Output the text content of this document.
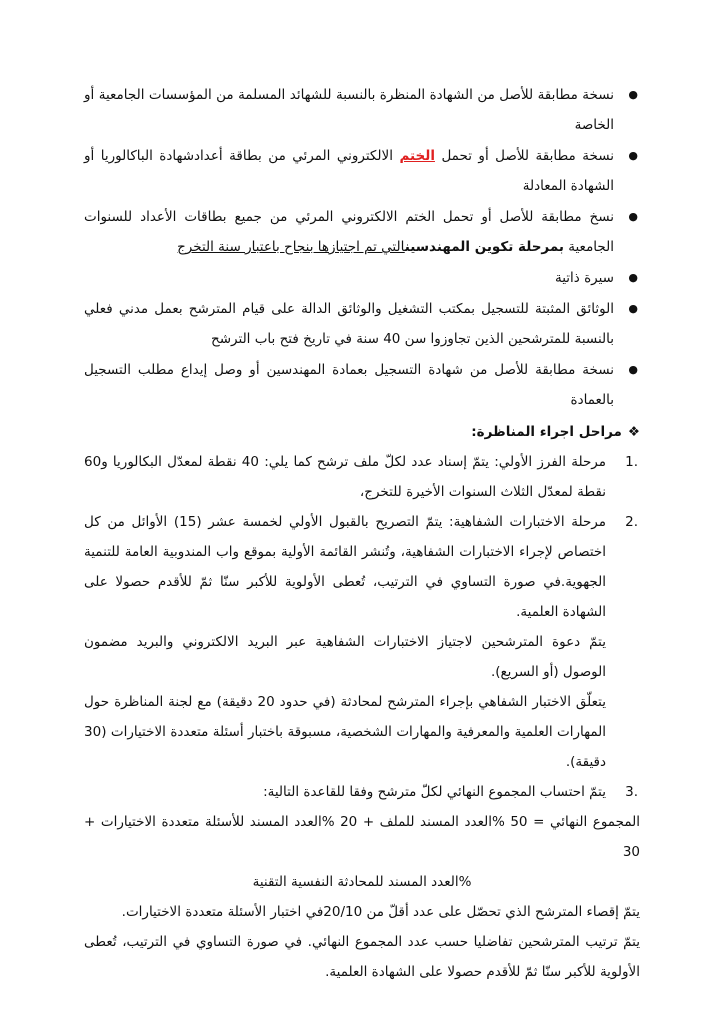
●
نسخة مطابقة للأصل من الشهادة المنظرة بالنسبة للشهائد المسلمة من المؤسسات الجامعية أو الخاصة
●
نسخة مطابقة للأصل أو تحمل الختم الالكتروني المرئي من بطاقة أعدادشهادة الباكالوريا أو الشهادة المعادلة
●
نسخ مطابقة للأصل أو تحمل الختم الالكتروني المرئي من جميع بطاقات الأعداد للسنوات الجامعية بمرحلة تكوين المهندسينالتي تم اجتيازها بنجاح باعتبار سنة التخرج
●
سيرة ذاتية
●
الوثائق المثبتة للتسجيل بمكتب التشغيل والوثائق الدالة على قيام المترشح بعمل مدني فعلي بالنسبة للمترشحين الذين تجاوزوا سن 40 سنة في تاريخ فتح باب الترشح
●
نسخة مطابقة للأصل من شهادة التسجيل بعمادة المهندسين أو وصل إيداع مطلب التسجيل بالعمادة
❖مراحل اجراء المناظرة:
1.
مرحلة الفرز الأولي: يتمّ إسناد عدد لكلّ ملف ترشح كما يلي: 40 نقطة لمعدّل البكالوريا و60 نقطة لمعدّل الثلاث السنوات الأخيرة للتخرج،
2.
مرحلة الاختبارات الشفاهية: يتمّ التصريح بالقبول الأولي لخمسة عشر (15) الأوائل من كل اختصاص لإجراء الاختبارات الشفاهية، وتُنشر القائمة الأولية بموقع واب المندوبية العامة للتنمية الجهوية.في صورة التساوي في الترتيب، تُعطى الأولوية للأكبر سنّا ثمّ للأقدم حصولا على الشهادة العلمية.
يتمّ دعوة المترشحين لاجتياز الاختبارات الشفاهية عبر البريد الالكتروني والبريد مضمون الوصول (أو السريع).
يتعلّق الاختبار الشفاهي بإجراء المترشح لمحادثة (في حدود 20 دقيقة) مع لجنة المناظرة حول المهارات العلمية والمعرفية والمهارات الشخصية، مسبوقة باختبار أسئلة متعددة الاختيارات (30 دقيقة).
3.
يتمّ احتساب المجموع النهائي لكلّ مترشح وفقا للقاعدة التالية:
المجموع النهائي = 50 %العدد المسند للملف + 20 %العدد المسند للأسئلة متعددة الاختيارات + 30
%العدد المسند للمحادثة النفسية التقنية
يتمّ إقصاء المترشح الذي تحصّل على عدد أقلّ من 20/10في اختبار الأسئلة متعددة الاختيارات.
يتمّ ترتيب المترشحين تفاضليا حسب عدد المجموع النهائي. في صورة التساوي في الترتيب، تُعطى الأولوية للأكبر سنّا ثمّ للأقدم حصولا على الشهادة العلمية.
